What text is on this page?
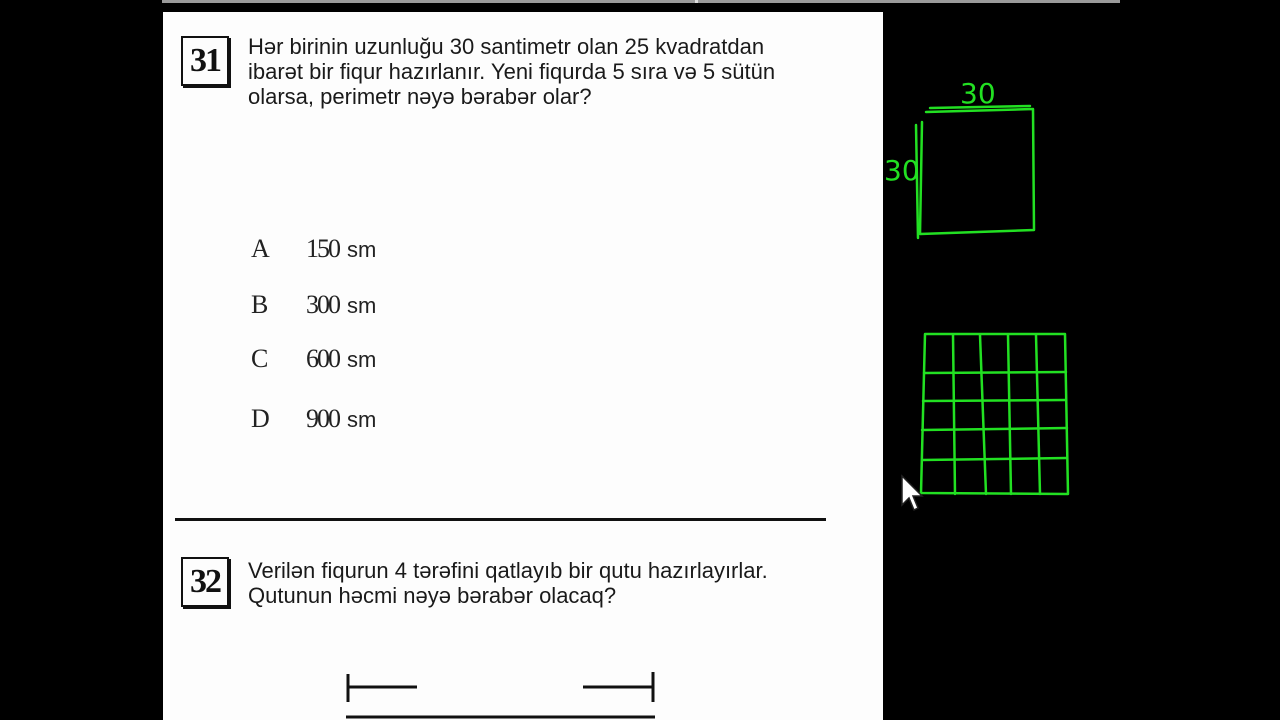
31	Hər birinin uzunluğu 30 santimetr olan 25 kvadratdan
ibarət bir fiqur hazırlanır. Yeni fiqurda 5 sıra və 5 sütün
olarsa, perimetr nəyə bərabər olar?
A	150 sm
B	300 sm
C	600 sm
D	900 sm
32	Verilən fiqurun 4 tərəfini qatlayıb bir qutu hazırlayırlar.
Qutunun həcmi nəyə bərabər olacaq?
30
30
